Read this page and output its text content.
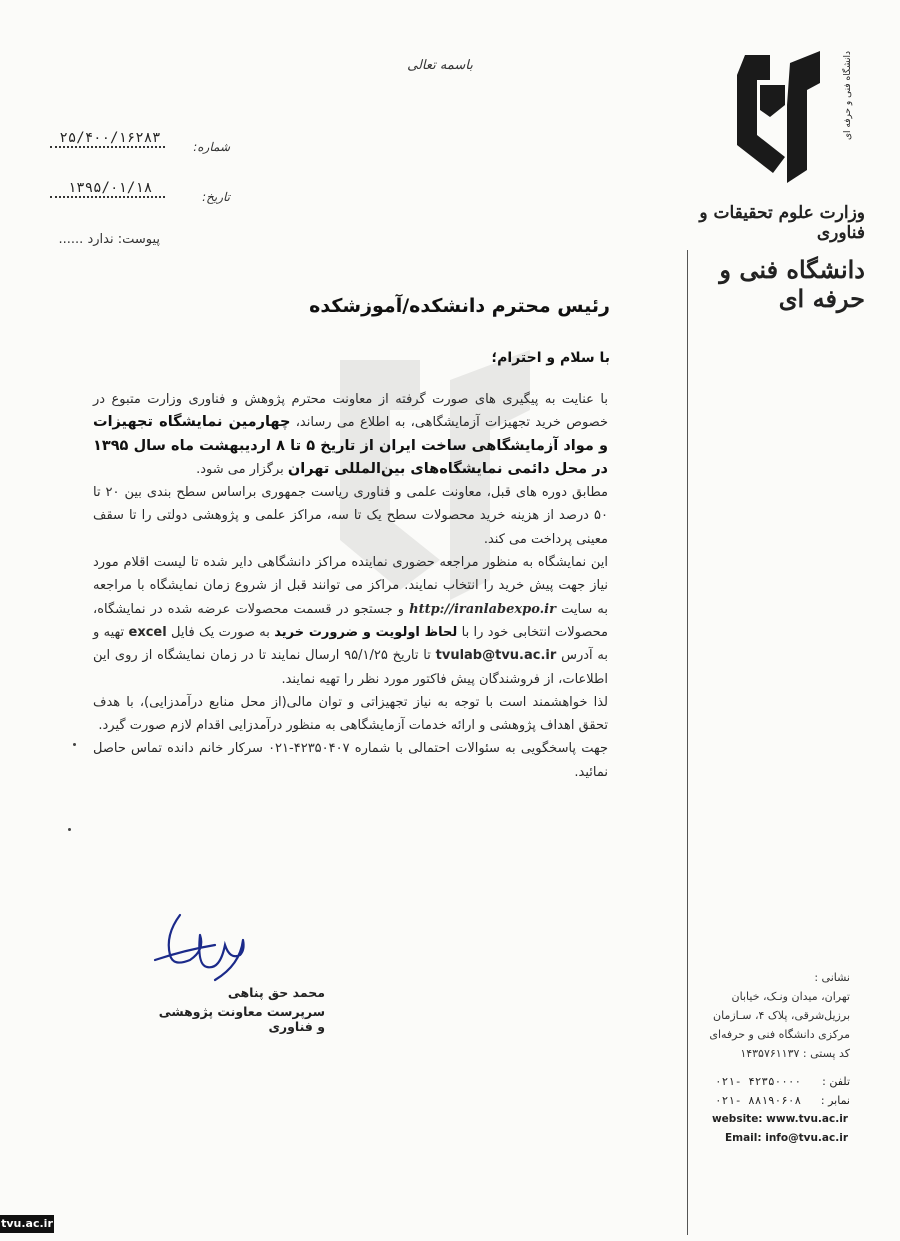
دانشگاه فنی و حرفه ای
وزارت علوم تحقیقات و فناوری
دانشگاه فنی و حرفه ای
باسمه تعالی
۲۵/۴۰۰/۱۶۲۸۳
شماره:
۱۳۹۵/۰۱/۱۸
تاریخ:
پیوست: ندارد ......
رئیس محترم دانشکده/آموزشکده
با سلام و احترام؛

با عنایت به پیگیری های صورت گرفته از معاونت محترم پژوهش و فناوری وزارت متبوع در خصوص خرید تجهیزات آزمایشگاهی، به اطلاع می رساند، چهارمین نمایشگاه تجهیزات و مواد آزمایشگاهی ساخت ایران از تاریخ ۵ تا ۸ اردیبهشت ماه سال ۱۳۹۵ در محل دائمی نمایشگاه‌های بین‌المللی تهران برگزار می شود.

مطابق دوره های قبل، معاونت علمی و فناوری ریاست جمهوری براساس سطح بندی بین ۲۰ تا ۵۰ درصد از هزینه خرید محصولات سطح یک تا سه، مراکز علمی و پژوهشی دولتی را تا سقف معینی پرداخت می کند.

این نمایشگاه به منظور مراجعه حضوری نماینده مراکز دانشگاهی دایر شده تا لیست اقلام مورد نیاز جهت پیش خرید را انتخاب نمایند. مراکز می توانند قبل از شروع زمان نمایشگاه با مراجعه به سایت http://iranlabexpo.ir و جستجو در قسمت محصولات عرضه شده در نمایشگاه، محصولات انتخابی خود را با لحاظ اولویت و ضرورت خرید به صورت یک فایل excel تهیه و به آدرس tvulab@tvu.ac.ir تا تاریخ ۹۵/۱/۲۵ ارسال نمایند تا در زمان نمایشگاه از روی این اطلاعات، از فروشندگان پیش فاکتور مورد نظر را تهیه نمایند.

لذا خواهشمند است با توجه به نیاز تجهیزاتی و توان مالی(از محل منابع درآمدزایی)، با هدف تحقق اهداف پژوهشی و ارائه خدمات آزمایشگاهی به منظور درآمدزایی اقدام لازم صورت گیرد.

جهت پاسخگویی به سئوالات احتمالی با شماره ۴۲۳۵۰۴۰۷-۰۲۱ سرکار خانم دانده تماس حاصل نمائید.

محمد حق پناهی
سرپرست معاونت پژوهشی و فناوری
نشانی :
تهران، میدان ونـک، خیابان
برزیل‌شرقی، پلاک ۴، سـازمان
مرکزی دانشگاه فنی و حرفه‌ای
کد پستی : ۱۴۳۵۷۶۱۱۳۷
تلفن :
۰۲۱- ۴۲۳۵۰۰۰۰
نمابر :
۰۲۱- ۸۸۱۹۰۶۰۸
website: www.tvu.ac.ir
Email: info@tvu.ac.ir
tvu.ac.ir
